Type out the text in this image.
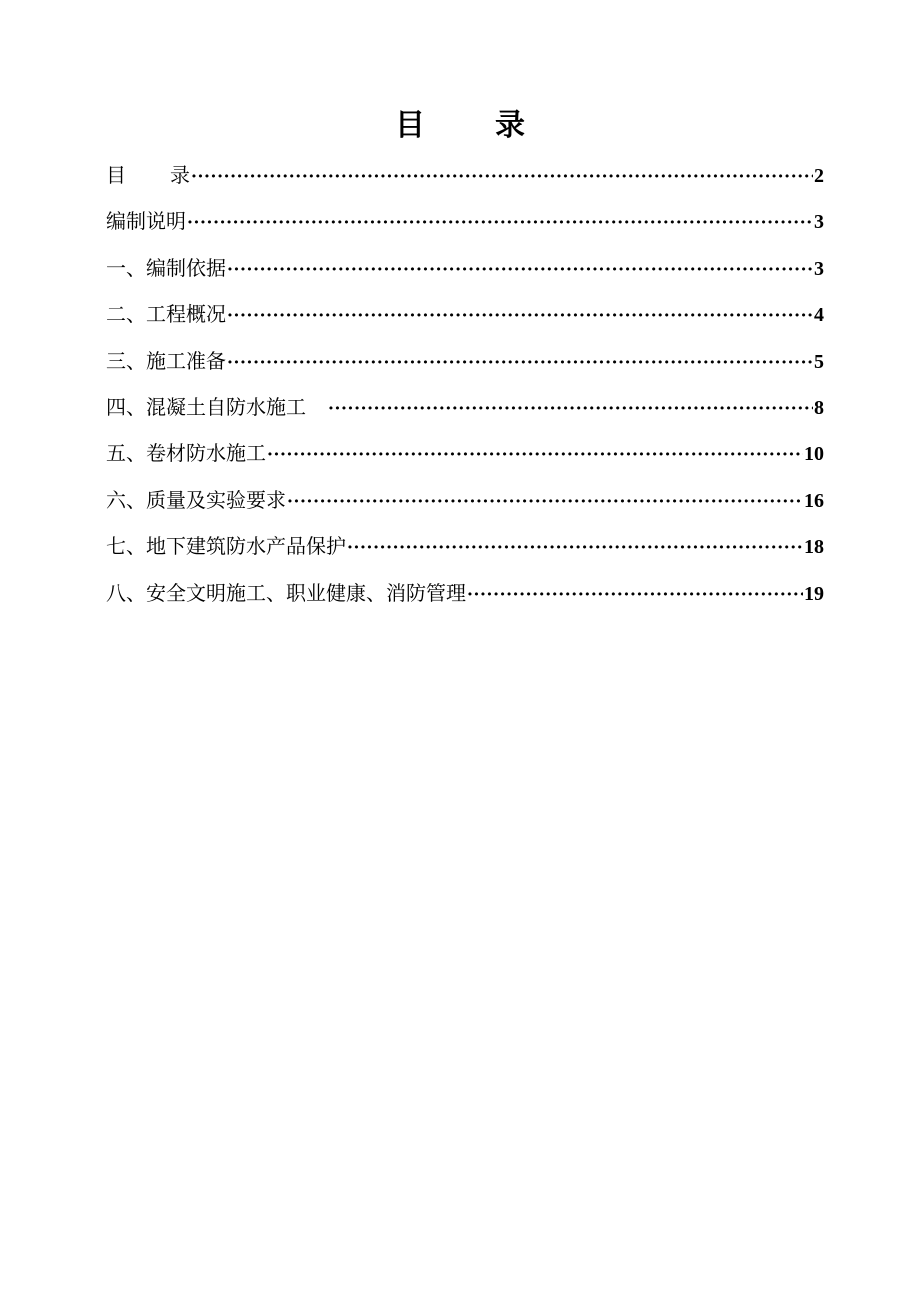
目 录
目 录 ·····	2
编制说明 ·····	3
一、编制依据 ·····	3
二、工程概况 ·····	4
三、施工准备 ·····	5
四、混凝土自防水施工 ·····	8
五、卷材防水施工 ·····	10
六、质量及实验要求 ·····	16
七、地下建筑防水产品保护 ·····	18
八、安全文明施工、职业健康、消防管理 ·····	19
